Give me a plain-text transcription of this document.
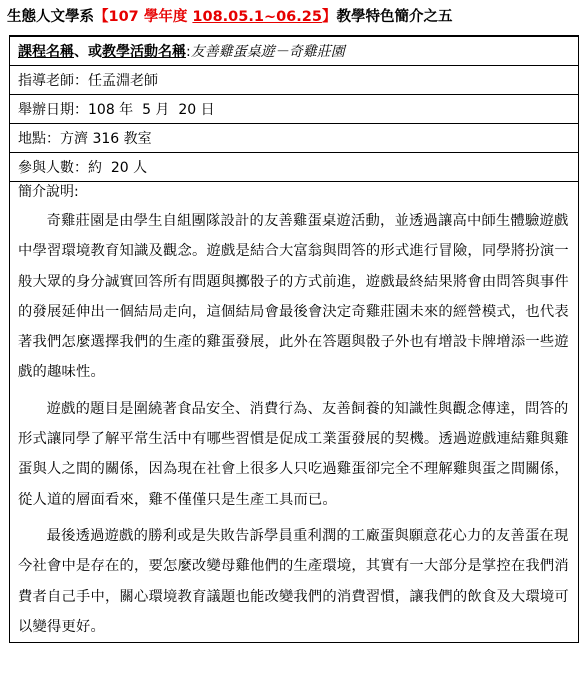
生態人文學系【107 學年度 108.05.1~06.25】教學特色簡介之五
課程名稱、或教學活動名稱:友善雞蛋桌遊－奇雞莊園
指導老師：任孟淵老師
舉辦日期：108 年  5 月  20 日
地點：方濟 316 教室
參與人數：約  20 人

簡介說明:

奇雞莊園是由學生自組團隊設計的友善雞蛋桌遊活動，並透過讓高中師生體驗遊戲中學習環境教育知識及觀念。遊戲是結合大富翁與問答的形式進行冒險，同學將扮演一般大眾的身分誠實回答所有問題與擲骰子的方式前進，遊戲最終結果將會由問答與事件的發展延伸出一個結局走向，這個結局會最後會決定奇雞莊園未來的經營模式，也代表著我們怎麼選擇我們的生產的雞蛋發展，此外在答題與骰子外也有增設卡牌增添一些遊戲的趣味性。

遊戲的題目是圍繞著食品安全、消費行為、友善飼養的知識性與觀念傳達，問答的形式讓同學了解平常生活中有哪些習慣是促成工業蛋發展的契機。透過遊戲連結雞與雞蛋與人之間的關係，因為現在社會上很多人只吃過雞蛋卻完全不理解雞與蛋之間關係，從人道的層面看來，雞不僅僅只是生產工具而已。

最後透過遊戲的勝利或是失敗告訴學員重利潤的工廠蛋與願意花心力的友善蛋在現今社會中是存在的，要怎麼改變母雞他們的生產環境，其實有一大部分是掌控在我們消費者自己手中，關心環境教育議題也能改變我們的消費習慣，讓我們的飲食及大環境可以變得更好。
